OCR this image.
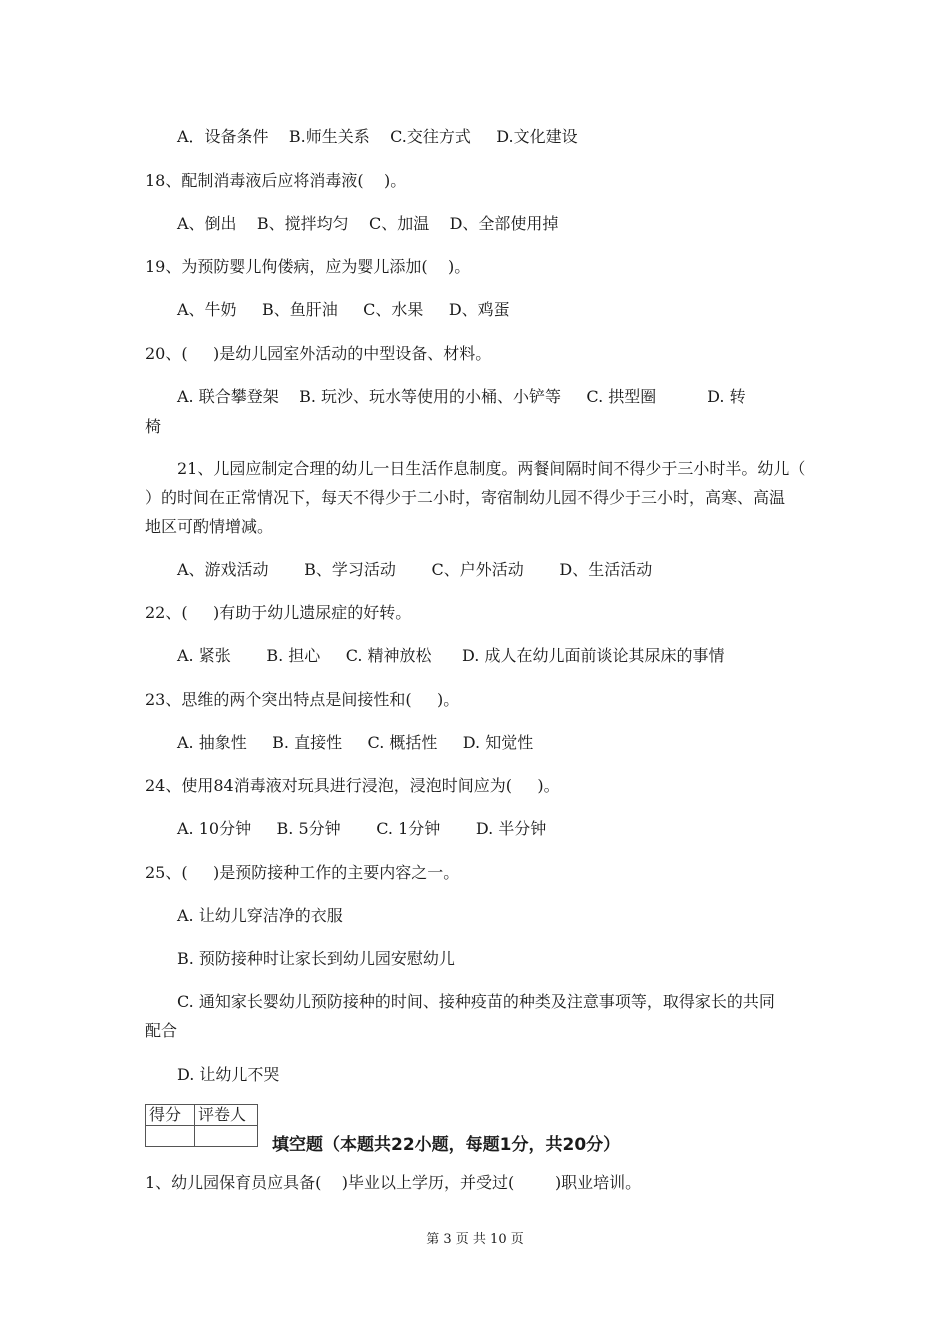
A．设备条件    B.师生关系    C.交往方式     D.文化建设
18、配制消毒液后应将消毒液(    )。
A、倒出    B、搅拌均匀    C、加温    D、全部使用掉
19、为预防婴儿佝偻病，应为婴儿添加(    )。
A、牛奶     B、鱼肝油     C、水果     D、鸡蛋
20、(     )是幼儿园室外活动的中型设备、材料。
A. 联合攀登架    B. 玩沙、玩水等使用的小桶、小铲等     C. 拱型圈          D. 转
椅
21、儿园应制定合理的幼儿一日生活作息制度。两餐间隔时间不得少于三小时半。幼儿（
）的时间在正常情况下，每天不得少于二小时，寄宿制幼儿园不得少于三小时，高寒、高温
地区可酌情增减。
A、游戏活动       B、学习活动       C、户外活动       D、生活活动
22、(     )有助于幼儿遗尿症的好转。
A. 紧张       B. 担心     C. 精神放松      D. 成人在幼儿面前谈论其尿床的事情
23、思维的两个突出特点是间接性和(     )。
A. 抽象性     B. 直接性     C. 概括性     D. 知觉性
24、使用84消毒液对玩具进行浸泡，浸泡时间应为(     )。
A. 10分钟     B. 5分钟       C. 1分钟       D. 半分钟
25、(     )是预防接种工作的主要内容之一。
A. 让幼儿穿洁净的衣服
B. 预防接种时让家长到幼儿园安慰幼儿
C. 通知家长婴幼儿预防接种的时间、接种疫苗的种类及注意事项等，取得家长的共同
配合
D. 让幼儿不哭
得分	评卷人

填空题（本题共22小题，每题1分，共20分）
1、幼儿园保育员应具备(    )毕业以上学历，并受过(        )职业培训。
第 3 页 共 10 页
